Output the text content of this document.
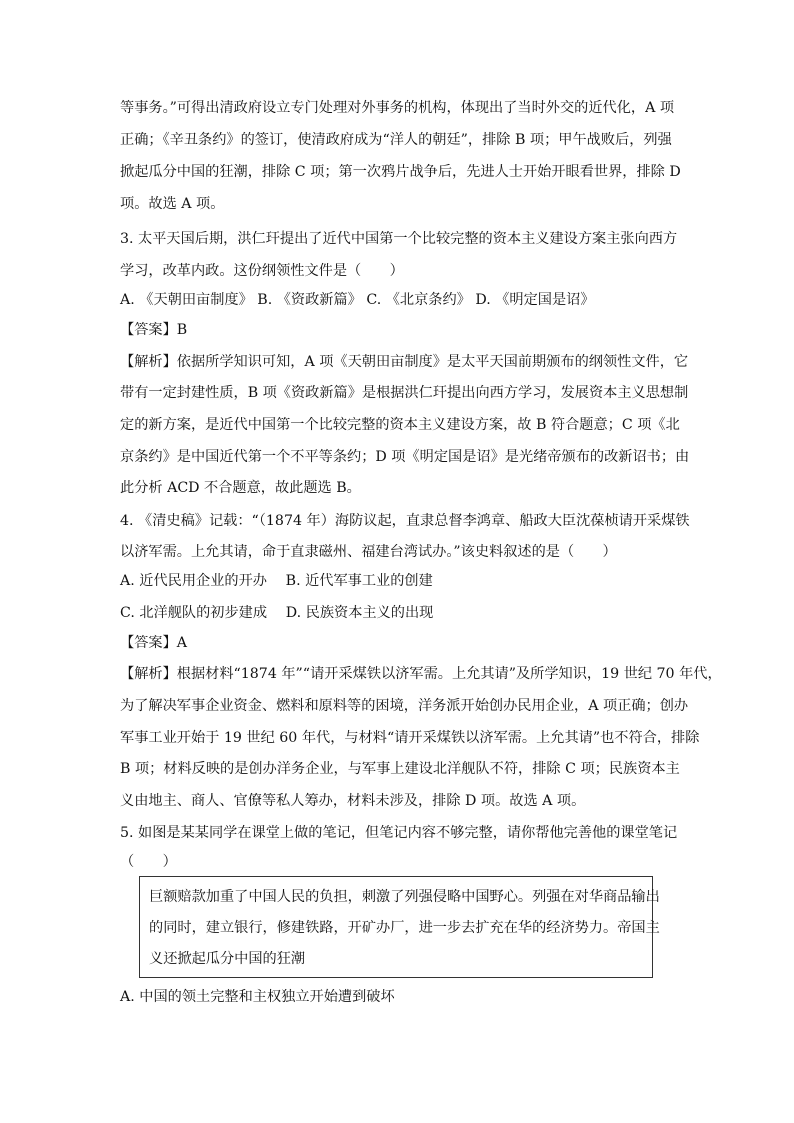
等事务。”可得出清政府设立专门处理对外事务的机构，体现出了当时外交的近代化，A 项
正确；《辛丑条约》的签订，使清政府成为“洋人的朝廷”，排除 B 项；甲午战败后，列强
掀起瓜分中国的狂潮，排除 C 项；第一次鸦片战争后，先进人士开始开眼看世界，排除 D
项。故选 A 项。
3. 太平天国后期，洪仁玕提出了近代中国第一个比较完整的资本主义建设方案主张向西方
学习，改革内政。这份纲领性文件是（　　）
A. 《天朝田亩制度》 B. 《资政新篇》 C. 《北京条约》 D. 《明定国是诏》
【答案】B
【解析】依据所学知识可知，A 项《天朝田亩制度》是太平天国前期颁布的纲领性文件，它
带有一定封建性质，B 项《资政新篇》是根据洪仁玕提出向西方学习，发展资本主义思想制
定的新方案，是近代中国第一个比较完整的资本主义建设方案，故 B 符合题意；C 项《北
京条约》是中国近代第一个不平等条约；D 项《明定国是诏》是光绪帝颁布的改新诏书；由
此分析 ACD 不合题意，故此题选 B。
4. 《清史稿》记载：“（1874 年）海防议起，直隶总督李鸿章、船政大臣沈葆桢请开采煤铁
以济军需。上允其请，命于直隶磁州、福建台湾试办。”该史料叙述的是（　　）
A. 近代民用企业的开办　 B. 近代军事工业的创建
C. 北洋舰队的初步建成　 D. 民族资本主义的出现
【答案】A
【解析】根据材料“1874 年”“请开采煤铁以济军需。上允其请”及所学知识，19 世纪 70 年代，
为了解决军事企业资金、燃料和原料等的困境，洋务派开始创办民用企业，A 项正确；创办
军事工业开始于 19 世纪 60 年代，与材料“请开采煤铁以济军需。上允其请”也不符合，排除
B 项；材料反映的是创办洋务企业，与军事上建设北洋舰队不符，排除 C 项；民族资本主
义由地主、商人、官僚等私人筹办，材料未涉及，排除 D 项。故选 A 项。
5. 如图是某某同学在课堂上做的笔记，但笔记内容不够完整，请你帮他完善他的课堂笔记
（　　）
巨额赔款加重了中国人民的负担，刺激了列强侵略中国野心。列强在对华商品输出
的同时，建立银行，修建铁路，开矿办厂，进一步去扩充在华的经济势力。帝国主
义还掀起瓜分中国的狂潮
A. 中国的领土完整和主权独立开始遭到破坏
